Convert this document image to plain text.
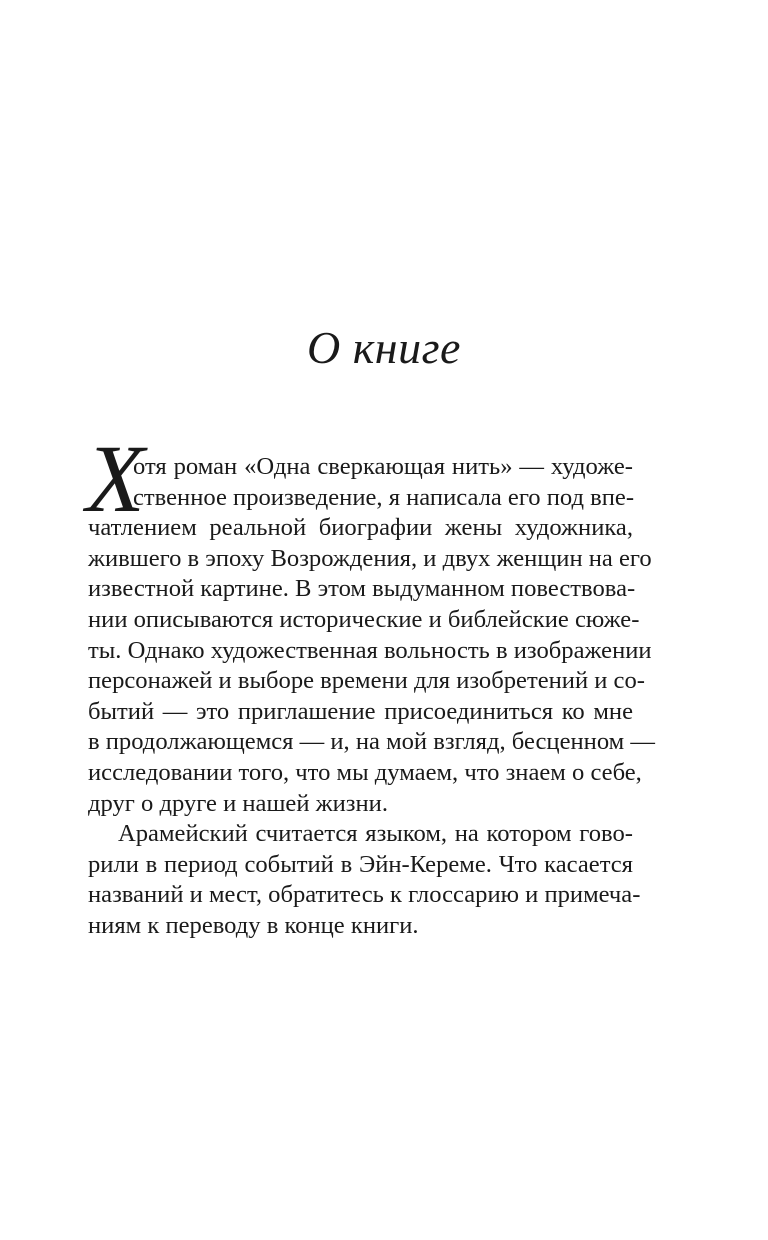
О книге
Х
отя роман «Одна сверкающая нить» — художе-
ственное произведение, я написала его под впе-
чатлением реальной биографии жены художника,
жившего в эпоху Возрождения, и двух женщин на его
известной картине. В этом выдуманном повествова-
нии описываются исторические и библейские сюже-
ты. Однако художественная вольность в изображении
персонажей и выборе времени для изобретений и со-
бытий — это приглашение присоединиться ко мне
в продолжающемся — и, на мой взгляд, бесценном —
исследовании того, что мы думаем, что знаем о себе,
друг о друге и нашей жизни.
Арамейский считается языком, на котором гово-
рили в период событий в Эйн-Кереме. Что касается
названий и мест, обратитесь к глоссарию и примеча-
ниям к переводу в конце книги.
